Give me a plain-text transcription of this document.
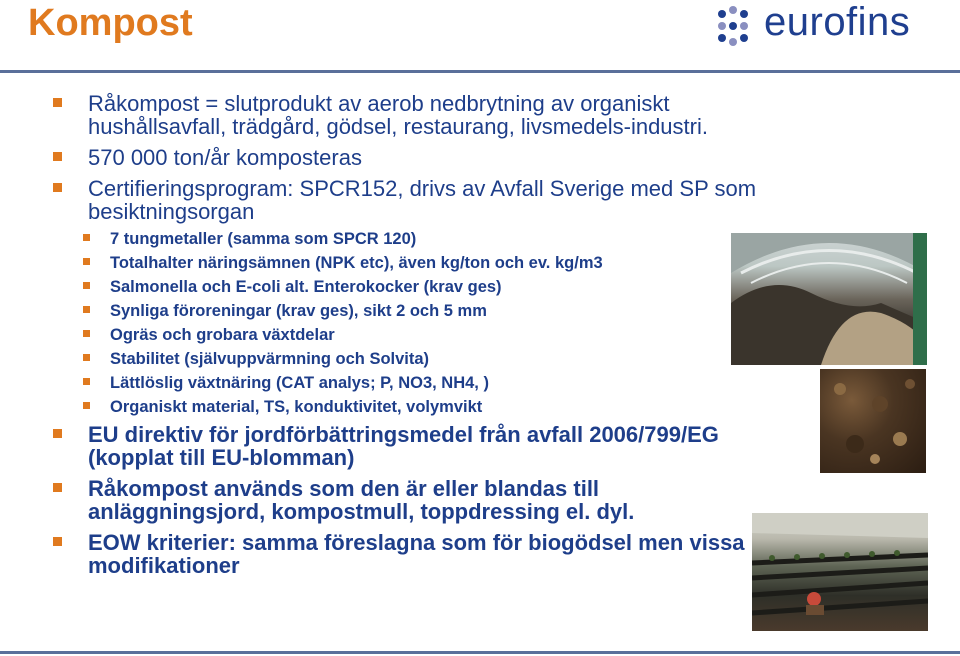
Kompost	eurofins
Råkompost = slutprodukt av aerob nedbrytning av organiskt hushållsavfall, trädgård, gödsel, restaurang, livsmedels-industri.
570 000 ton/år komposteras
Certifieringsprogram: SPCR152, drivs av Avfall Sverige med SP som besiktningsorgan
7 tungmetaller (samma som SPCR 120)
Totalhalter näringsämnen (NPK etc), även kg/ton och ev. kg/m3
Salmonella och E-coli alt. Enterokocker (krav ges)
Synliga föroreningar (krav ges), sikt 2 och 5 mm
Ogräs och grobara växtdelar
Stabilitet (självuppvärmning och Solvita)
Lättlöslig växtnäring (CAT analys; P, NO3, NH4, )
Organiskt material, TS, konduktivitet, volymvikt
EU direktiv för jordförbättringsmedel från avfall 2006/799/EG (kopplat till EU-blomman)
Råkompost används som den är eller blandas till anläggningsjord, kompostmull, toppdressing el. dyl.
EOW kriterier: samma föreslagna som för biogödsel men vissa modifikationer
